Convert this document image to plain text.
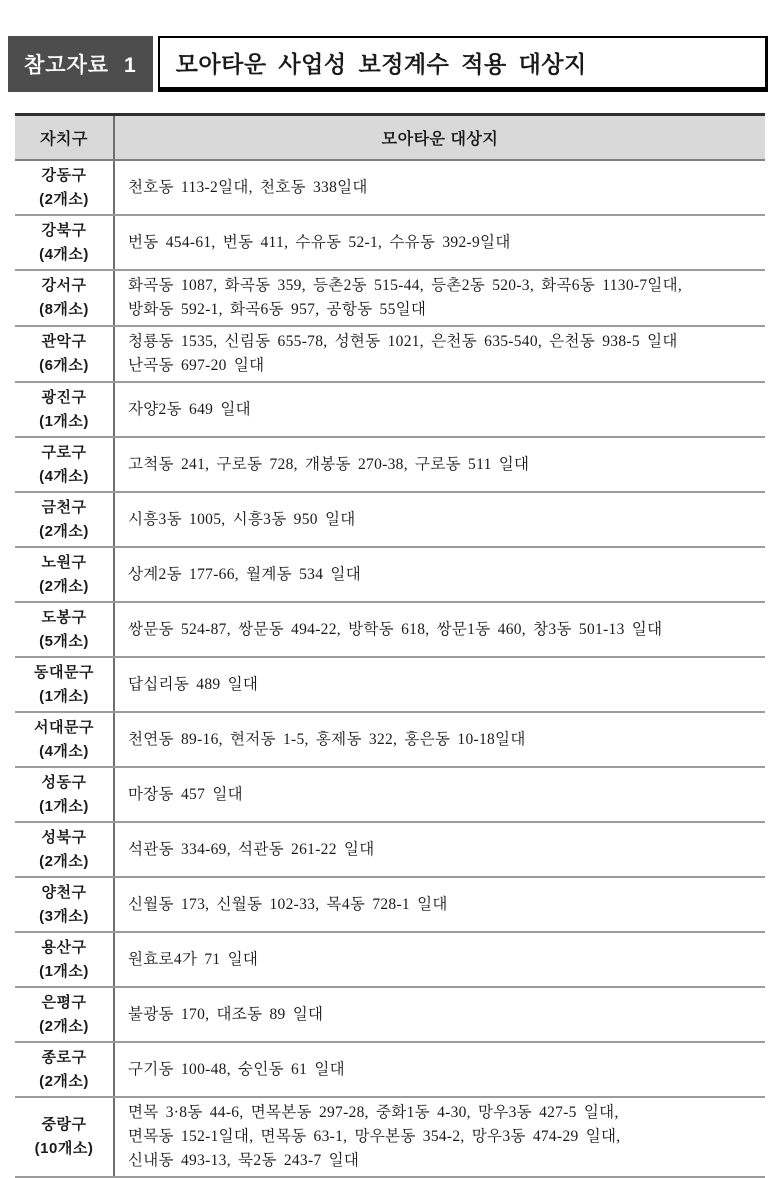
참고자료 1	모아타운 사업성 보정계수 적용 대상지
자치구	모아타운 대상지
강동구
(2개소)
천호동 113-2일대, 천호동 338일대
강북구
(4개소)
번동 454-61, 번동 411, 수유동 52-1, 수유동 392-9일대
강서구
(8개소)
화곡동 1087, 화곡동 359, 등촌2동 515-44, 등촌2동 520-3, 화곡6동 1130-7일대,
방화동 592-1, 화곡6동 957, 공항동 55일대
관악구
(6개소)
청룡동 1535, 신림동 655-78, 성현동 1021, 은천동 635-540, 은천동 938-5 일대
난곡동 697-20 일대
광진구
(1개소)
자양2동 649 일대
구로구
(4개소)
고척동 241, 구로동 728, 개봉동 270-38, 구로동 511 일대
금천구
(2개소)
시흥3동 1005, 시흥3동 950 일대
노원구
(2개소)
상계2동 177-66, 월계동 534 일대
도봉구
(5개소)
쌍문동 524-87, 쌍문동 494-22, 방학동 618, 쌍문1동 460, 창3동 501-13 일대
동대문구
(1개소)
답십리동 489 일대
서대문구
(4개소)
천연동 89-16, 현저동 1-5, 홍제동 322, 홍은동 10-18일대
성동구
(1개소)
마장동 457 일대
성북구
(2개소)
석관동 334-69, 석관동 261-22 일대
양천구
(3개소)
신월동 173, 신월동 102-33, 목4동 728-1 일대
용산구
(1개소)
원효로4가 71 일대
은평구
(2개소)
불광동 170, 대조동 89 일대
종로구
(2개소)
구기동 100-48, 숭인동 61 일대
중랑구
(10개소)
면목 3·8동 44-6, 면목본동 297-28, 중화1동 4-30, 망우3동 427-5 일대,
면목동 152-1일대, 면목동 63-1, 망우본동 354-2, 망우3동 474-29 일대,
신내동 493-13, 묵2동 243-7 일대
